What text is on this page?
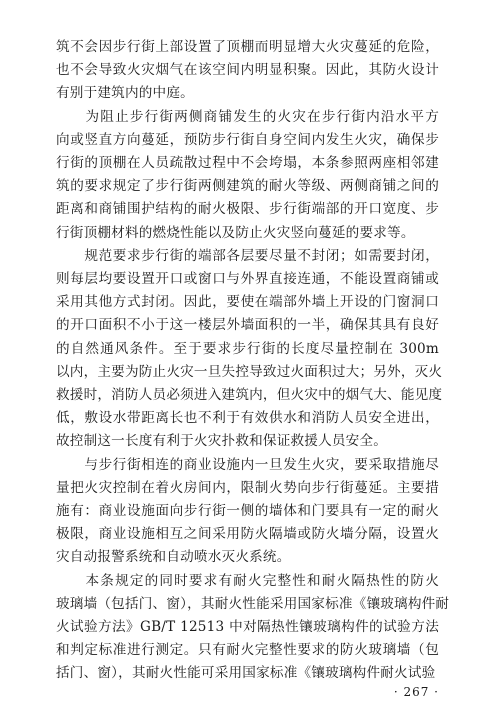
筑不会因步行街上部设置了顶棚而明显增大火灾蔓延的危险，
也不会导致火灾烟气在该空间内明显积聚。因此，其防火设计
有别于建筑内的中庭。
　　为阻止步行街两侧商铺发生的火灾在步行街内沿水平方
向或竖直方向蔓延，预防步行街自身空间内发生火灾，确保步
行街的顶棚在人员疏散过程中不会垮塌，本条参照两座相邻建
筑的要求规定了步行街两侧建筑的耐火等级、两侧商铺之间的
距离和商铺围护结构的耐火极限、步行街端部的开口宽度、步
行街顶棚材料的燃烧性能以及防止火灾竖向蔓延的要求等。
　　规范要求步行街的端部各层要尽量不封闭；如需要封闭，
则每层均要设置开口或窗口与外界直接连通，不能设置商铺或
采用其他方式封闭。因此，要使在端部外墙上开设的门窗洞口
的开口面积不小于这一楼层外墙面积的一半，确保其具有良好
的自然通风条件。至于要求步行街的长度尽量控制在 300m
以内，主要为防止火灾一旦失控导致过火面积过大；另外，灭火
救援时，消防人员必须进入建筑内，但火灾中的烟气大、能见度
低，敷设水带距离长也不利于有效供水和消防人员安全进出，
故控制这一长度有利于火灾扑救和保证救援人员安全。
　　与步行街相连的商业设施内一旦发生火灾，要采取措施尽
量把火灾控制在着火房间内，限制火势向步行街蔓延。主要措
施有：商业设施面向步行街一侧的墙体和门要具有一定的耐火
极限，商业设施相互之间采用防火隔墙或防火墙分隔，设置火
灾自动报警系统和自动喷水灭火系统。
　　本条规定的同时要求有耐火完整性和耐火隔热性的防火
玻璃墙（包括门、窗），其耐火性能采用国家标准《镶玻璃构件耐
火试验方法》GB/T 12513 中对隔热性镶玻璃构件的试验方法
和判定标准进行测定。只有耐火完整性要求的防火玻璃墙（包
括门、窗），其耐火性能可采用国家标准《镶玻璃构件耐火试验
· 267 ·
